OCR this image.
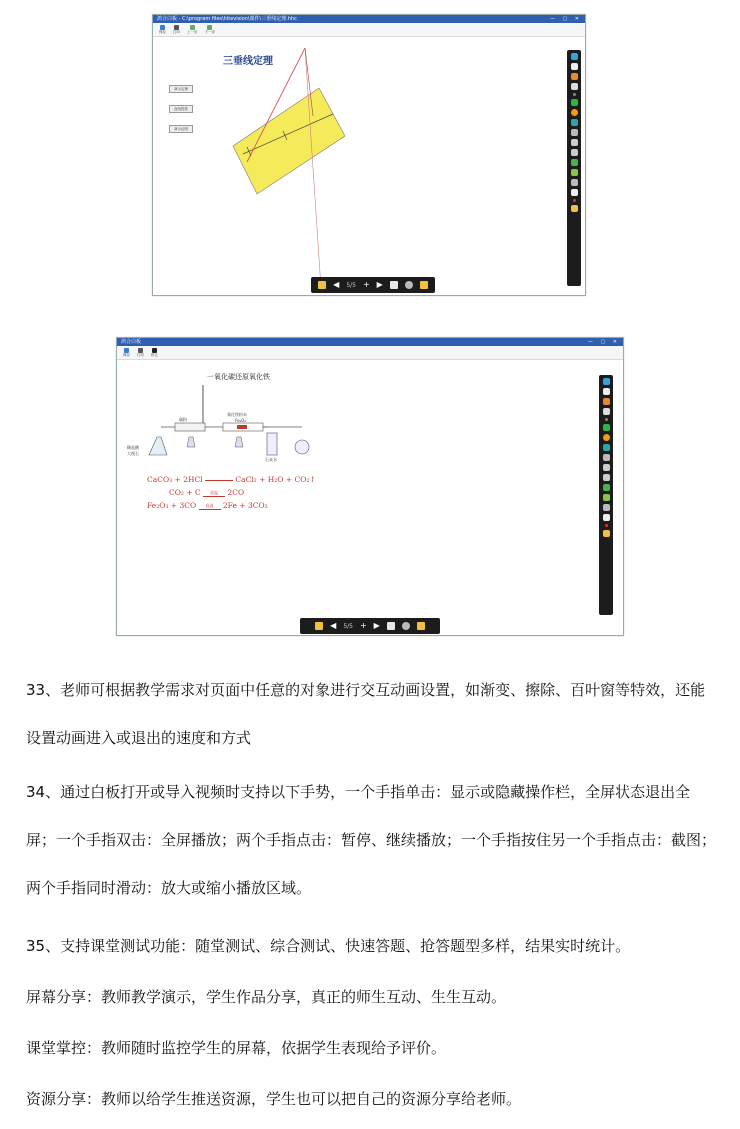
鸿合白板 - C:\program files\hitevision\课件\三垂线定理.hhc	— ▢ ✕
保存 打印 上一步 下一步
三垂线定理
演示定理
直线投影
演示证明
◀ 5/5 + ▶
鸿合白板	— ▢ ✕
保存 打印 停止
一氧化碳还原氧化铁
稀盐酸
大理石
碳粉
氧化铁粉末
Fe₂O₃
石灰水
CaCO₃ + 2HCl	CaCl₂ + H₂O + CO₂↑
CO₂ + C 高温 2CO
Fe₂O₃ + 3CO 高温 2Fe + 3CO₂
◀ 5/5 + ▶

33、老师可根据教学需求对页面中任意的对象进行交互动画设置，如渐变、擦除、百叶窗等特效，还能设置动画进入或退出的速度和方式

34、通过白板打开或导入视频时支持以下手势，一个手指单击：显示或隐藏操作栏，全屏状态退出全屏；一个手指双击：全屏播放；两个手指点击：暂停、继续播放；一个手指按住另一个手指点击：截图；两个手指同时滑动：放大或缩小播放区域。

35、支持课堂测试功能：随堂测试、综合测试、快速答题、抢答题型多样，结果实时统计。

屏幕分享：教师教学演示，学生作品分享，真正的师生互动、生生互动。

课堂掌控：教师随时监控学生的屏幕，依据学生表现给予评价。

资源分享：教师以给学生推送资源，学生也可以把自己的资源分享给老师。
